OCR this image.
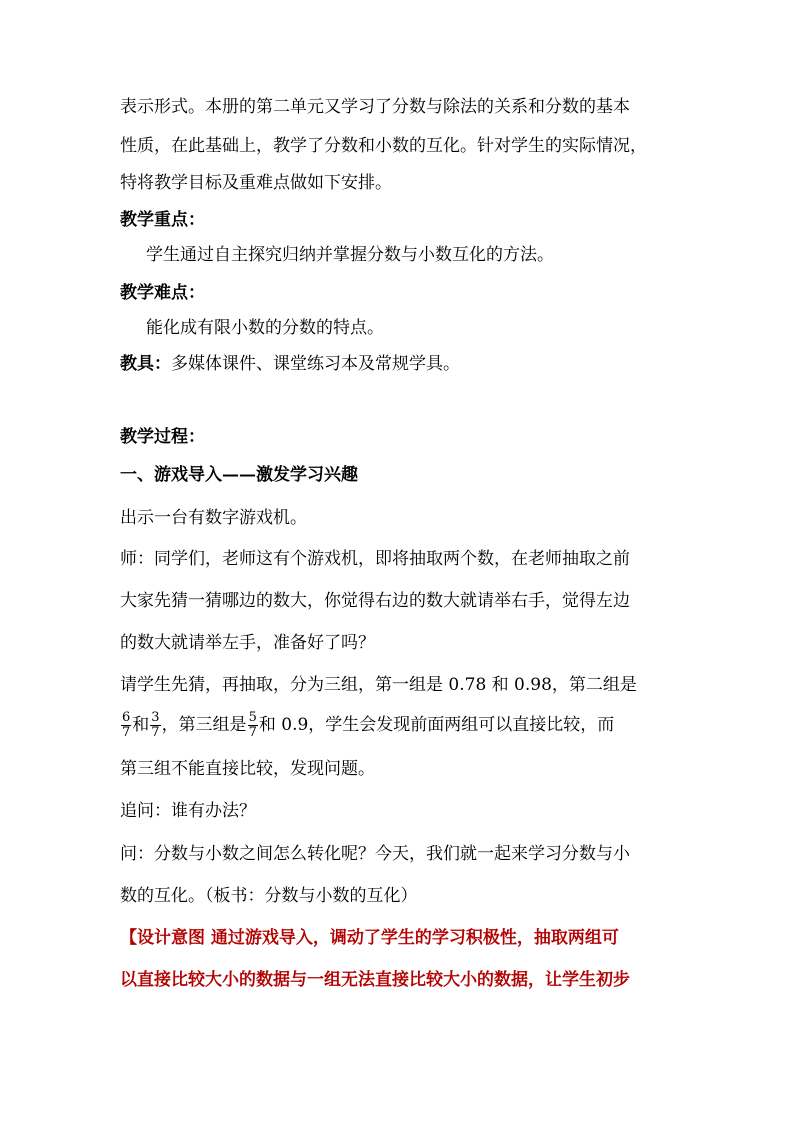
表示形式。本册的第二单元又学习了分数与除法的关系和分数的基本
性质，在此基础上，教学了分数和小数的互化。针对学生的实际情况，
特将教学目标及重难点做如下安排。
教学重点：
学生通过自主探究归纳并掌握分数与小数互化的方法。
教学难点：
能化成有限小数的分数的特点。
教具：多媒体课件、课堂练习本及常规学具。
教学过程：
一、游戏导入——激发学习兴趣
出示一台有数字游戏机。
师：同学们，老师这有个游戏机，即将抽取两个数，在老师抽取之前
大家先猜一猜哪边的数大，你觉得右边的数大就请举右手，觉得左边
的数大就请举左手，准备好了吗？
请学生先猜，再抽取，分为三组，第一组是 0.78 和 0.98，第二组是
$\frac{6}{7}$ 和 $\frac{3}{7}$ ，第三组是 $\frac{5}{7}$ 和 0.9，学生会发现前面两组可以直接比较，而
第三组不能直接比较，发现问题。
追问：谁有办法？
问：分数与小数之间怎么转化呢？今天，我们就一起来学习分数与小
数的互化。（板书：分数与小数的互化）
【设计意图 通过游戏导入，调动了学生的学习积极性，抽取两组可
以直接比较大小的数据与一组无法直接比较大小的数据，让学生初步
